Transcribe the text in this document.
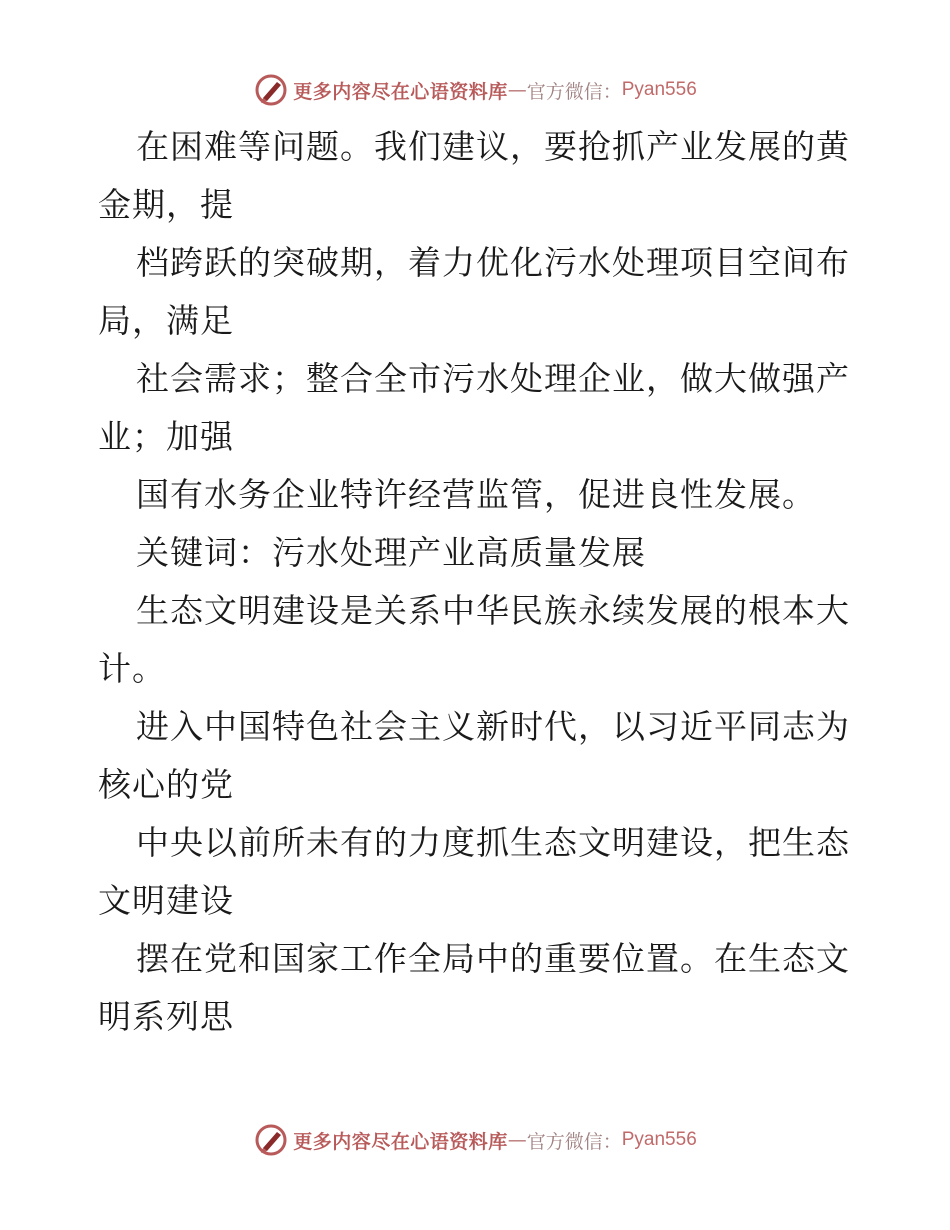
更多内容尽在心语资料库 — 官方微信： Pyan556
在困难等问题。我们建议，要抢抓产业发展的黄
金期，提
档跨跃的突破期，着力优化污水处理项目空间布
局，满足
社会需求；整合全市污水处理企业，做大做强产
业；加强
国有水务企业特许经营监管，促进良性发展。
关键词：污水处理产业高质量发展
生态文明建设是关系中华民族永续发展的根本大
计。
进入中国特色社会主义新时代，以习近平同志为
核心的党
中央以前所未有的力度抓生态文明建设，把生态
文明建设
摆在党和国家工作全局中的重要位置。在生态文
明系列思
更多内容尽在心语资料库 — 官方微信： Pyan556
